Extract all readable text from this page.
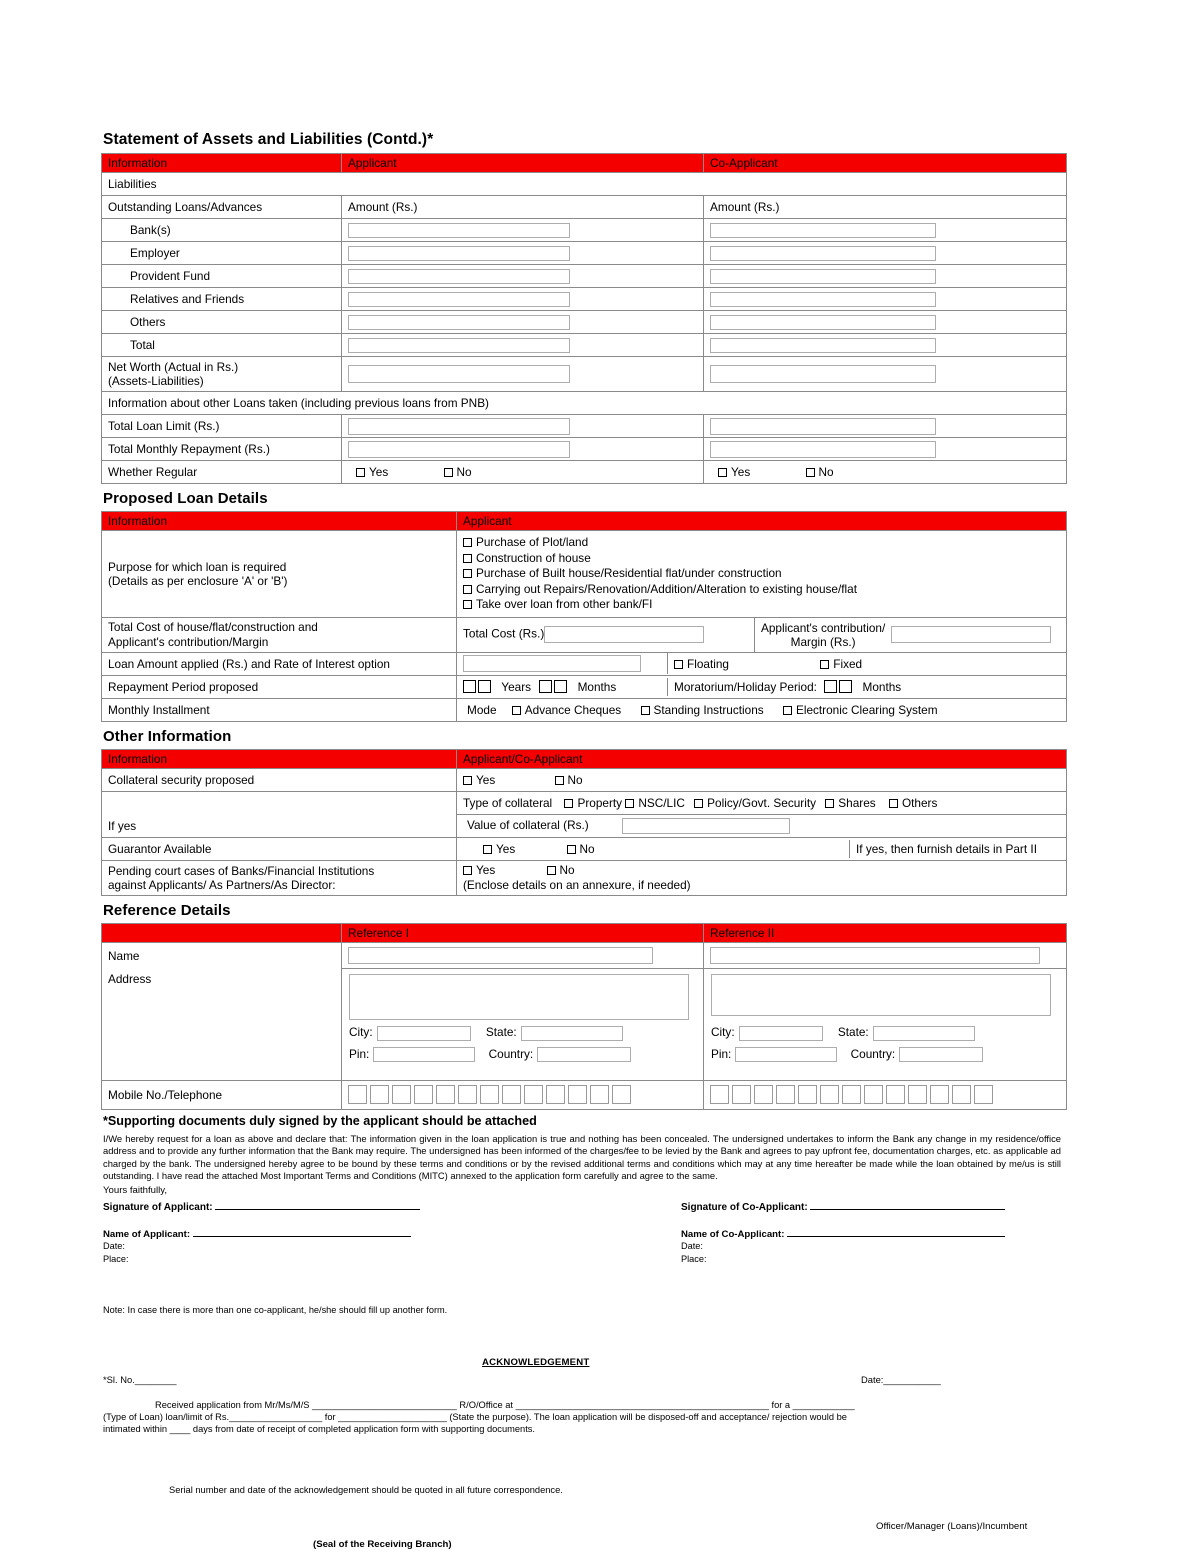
Statement of Assets and Liabilities (Contd.)*
Information	Applicant	Co-Applicant
Liabilities		
Outstanding Loans/Advances	Amount (Rs.)	Amount (Rs.)
Bank(s)		
Employer		
Provident Fund		
Relatives and Friends		
Others		
Total		
Net Worth (Actual in Rs.)
(Assets-Liabilities)		
Information about other Loans taken (including previous loans from PNB)		
Total Loan Limit (Rs.)		
Total Monthly Repayment (Rs.)		
Whether Regular	Yes No	Yes No
Proposed Loan Details
Information	Applicant
Purpose for which loan is required
(Details as per enclosure 'A' or 'B')	
Purchase of Plot/land
Construction of house
Purchase of Built house/Residential flat/under construction
Carrying out Repairs/Renovation/Addition/Alteration to existing house/flat
Take over loan from other bank/FI

Total Cost of house/flat/construction and
Applicant's contribution/Margin	
Total Cost (Rs.)	Applicant's contribution/
Margin (Rs.)

Loan Amount applied (Rs.) and Rate of Interest option	
		Floating	Fixed

Repayment Period proposed		Years	Months	Moratorium/Holiday Period:	Months

Monthly Installment	Mode Advance Cheques	Standing Instructions	Electronic Clearing System
Other Information
Information	Applicant/Co-Applicant
Collateral security proposed	Yes	No
	Type of collateral Property NSC/LIC Policy/Govt. Security Shares Others
If yes	Value of collateral (Rs.)
Guarantor Available		Yes	No	If yes, then furnish details in Part II

Pending court cases of Banks/Financial Institutions
against Applicants/ As Partners/As Director:	
Yes	No
(Enclose details on an annexure, if needed)
Reference Details
	Reference I	Reference II
Name		
Address	
City:	State:
Pin:	Country:

City:	State:
Pin:	Country:

Mobile No./Telephone	

*Supporting documents duly signed by the applicant should be attached
I/We hereby request for a loan as above and declare that: The information given in the loan application is true and nothing has been concealed. The undersigned undertakes to inform the Bank any change in my residence/office address and to provide any further information that the Bank may require. The undersigned has been informed of the charges/fee to be levied by the Bank and agrees to pay upfront fee, documentation charges, etc. as applicable ad charged by the bank. The undersigned hereby agree to be bound by these terms and conditions or by the revised additional terms and conditions which may at any time hereafter be made while the loan obtained by me/us is still outstanding. I have read the attached Most Important Terms and Conditions (MITC) annexed to the application form carefully and agree to the same.
Yours faithfully,
Signature of Applicant:	Signature of Co-Applicant:
Name of Applicant:
Date:
Place:
Name of Co-Applicant:
Date:
Place:
Note: In case there is more than one co-applicant, he/she should fill up another form.
ACKNOWLEDGEMENT
*Sl. No.________	Date:___________
Received application from Mr/Ms/M/S ____________________________ R/O/Office at _________________________________________________ for a ____________
(Type of Loan) loan/limit of Rs.__________________ for _____________________ (State the purpose). The loan application will be disposed-off and acceptance/ rejection would be
intimated within ____ days from date of receipt of completed application form with supporting documents.
Serial number and date of the acknowledgement should be quoted in all future correspondence.
(Seal of the Receiving Branch)
Officer/Manager (Loans)/Incumbent
